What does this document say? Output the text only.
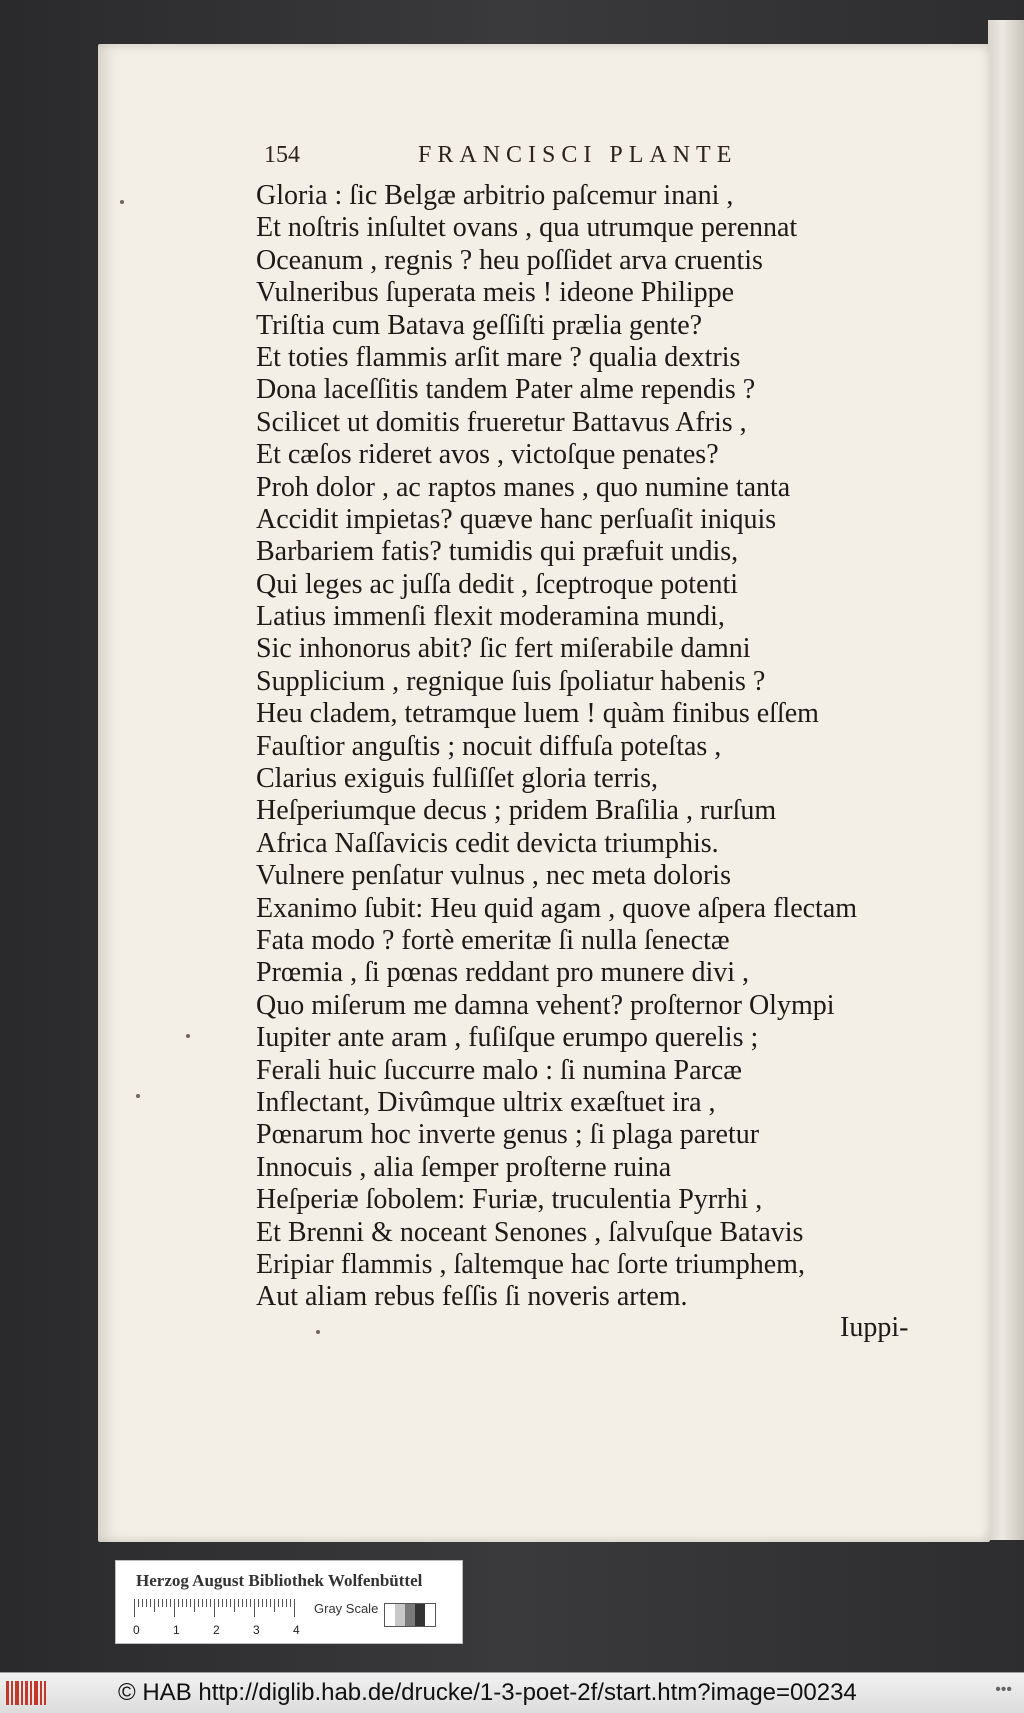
154	FRANCISCI PLANTE
Gloria : ſic Belgæ arbitrio paſcemur inani ,
Et noſtris inſultet ovans , qua utrumque perennat
Oceanum , regnis ? heu poſſidet arva cruentis
Vulneribus ſuperata meis ! ideone Philippe
Triſtia cum Batava geſſiſti prælia gente?
Et toties flammis arſit mare ? qualia dextris
Dona laceſſitis tandem Pater alme rependis ?
Scilicet ut domitis frueretur Battavus Afris ,
Et cæſos rideret avos , victoſque penates?
Proh dolor , ac raptos manes , quo numine tanta
Accidit impietas? quæve hanc perſuaſit iniquis
Barbariem fatis? tumidis qui præfuit undis,
Qui leges ac juſſa dedit , ſceptroque potenti
Latius immenſi flexit moderamina mundi,
Sic inhonorus abit? ſic fert miſerabile damni
Supplicium , regnique ſuis ſpoliatur habenis ?
Heu cladem, tetramque luem ! quàm finibus eſſem
Fauſtior anguſtis ; nocuit diffuſa poteſtas ,
Clarius exiguis fulſiſſet gloria terris,
Heſperiumque decus ; pridem Braſilia , rurſum
Africa Naſſavicis cedit devicta triumphis.
Vulnere penſatur vulnus , nec meta doloris
Exanimo ſubit: Heu quid agam , quove aſpera flectam
Fata modo ? fortè emeritæ ſi nulla ſenectæ
Prœmia , ſi pœnas reddant pro munere divi ,
Quo miſerum me damna vehent? proſternor Olympi
Iupiter ante aram , fuſiſque erumpo querelis ;
Ferali huic ſuccurre malo : ſi numina Parcæ
Inflectant, Divûmque ultrix exæſtuet ira ,
Pœnarum hoc inverte genus ; ſi plaga paretur
Innocuis , alia ſemper proſterne ruina
Heſperiæ ſobolem: Furiæ, truculentia Pyrrhi ,
Et Brenni & noceant Senones , ſalvuſque Batavis
Eripiar flammis , ſaltemque hac ſorte triumphem,
Aut aliam rebus feſſis ſi noveris artem.
Iuppi-
Herzog August Bibliothek Wolfenbüttel
0	1	2	3	4
Gray Scale
© HAB http://diglib.hab.de/drucke/1-3-poet-2f/start.htm?image=00234	•••
